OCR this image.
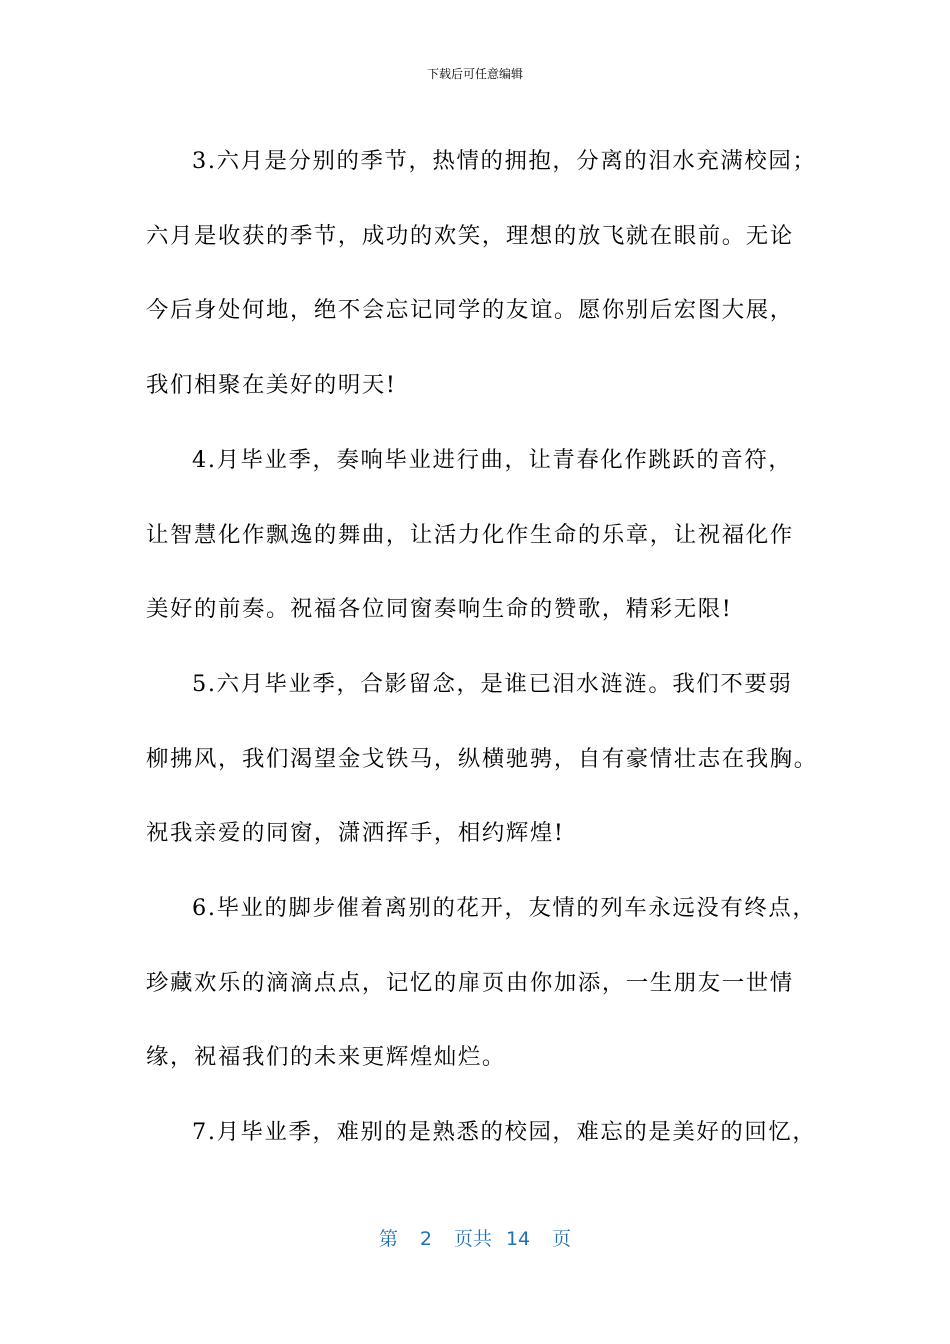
下载后可任意编辑

3.六月是分别的季节，热情的拥抱，分离的泪水充满校园；
六月是收获的季节，成功的欢笑，理想的放飞就在眼前。无论
今后身处何地，绝不会忘记同学的友谊。愿你别后宏图大展，
我们相聚在美好的明天!

4.月毕业季，奏响毕业进行曲，让青春化作跳跃的音符，
让智慧化作飘逸的舞曲，让活力化作生命的乐章，让祝福化作
美好的前奏。祝福各位同窗奏响生命的赞歌，精彩无限!

5.六月毕业季，合影留念，是谁已泪水涟涟。我们不要弱
柳拂风，我们渴望金戈铁马，纵横驰骋，自有豪情壮志在我胸。
祝我亲爱的同窗，潇洒挥手，相约辉煌!

6.毕业的脚步催着离别的花开，友情的列车永远没有终点，
珍藏欢乐的滴滴点点，记忆的扉页由你加添，一生朋友一世情
缘，祝福我们的未来更辉煌灿烂。

7.月毕业季，难别的是熟悉的校园，难忘的是美好的回忆，

第 2 页共 14 页
